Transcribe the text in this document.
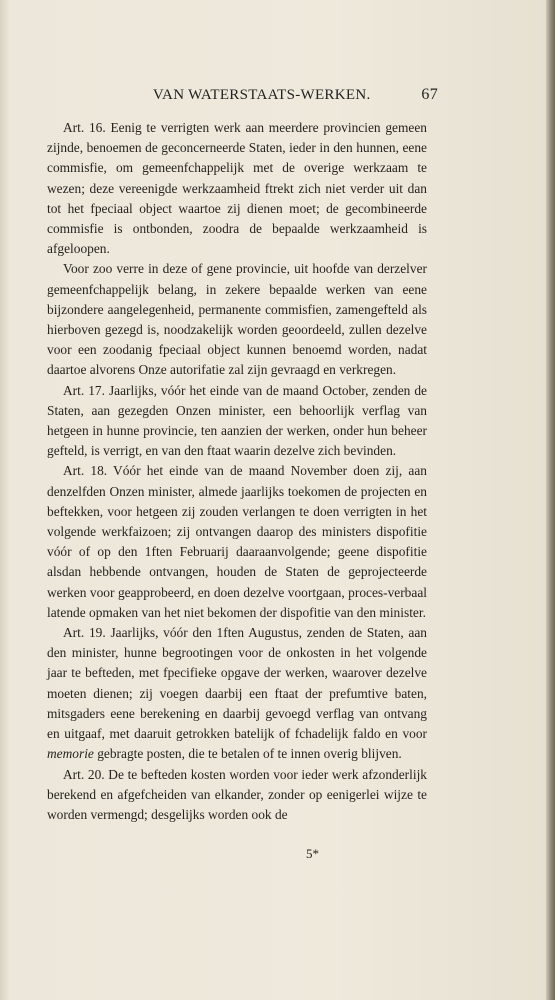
VAN WATERSTAATS-WERKEN.	67

Art. 16. Eenig te verrigten werk aan meerdere provincien gemeen zijnde, benoemen de geconcerneerde Staten, ieder in den hunnen, eene commisfie, om gemeenfchappelijk met de overige werkzaam te wezen; deze vereenigde werkzaamheid ftrekt zich niet verder uit dan tot het fpeciaal object waartoe zij dienen moet; de gecombineerde commisfie is ontbonden, zoodra de bepaalde werkzaamheid is afgeloopen.

Voor zoo verre in deze of gene provincie, uit hoofde van derzelver gemeenfchappelijk belang, in zekere bepaalde werken van eene bijzondere aangelegenheid, permanente commisfien, zamengefteld als hierboven gezegd is, noodzakelijk worden geoordeeld, zullen dezelve voor een zoodanig fpeciaal object kunnen benoemd worden, nadat daartoe alvorens Onze autorifatie zal zijn gevraagd en verkregen.

Art. 17. Jaarlijks, vóór het einde van de maand October, zenden de Staten, aan gezegden Onzen minister, een behoorlijk verflag van hetgeen in hunne provincie, ten aanzien der werken, onder hun beheer gefteld, is verrigt, en van den ftaat waarin dezelve zich bevinden.

Art. 18. Vóór het einde van de maand November doen zij, aan denzelfden Onzen minister, almede jaarlijks toekomen de projecten en beftekken, voor hetgeen zij zouden verlangen te doen verrigten in het volgende werkfaizoen; zij ontvangen daarop des ministers dispofitie vóór of op den 1ften Februarij daaraanvolgende; geene dispofitie alsdan hebbende ontvangen, houden de Staten de geprojecteerde werken voor geapprobeerd, en doen dezelve voortgaan, proces-verbaal latende opmaken van het niet bekomen der dispofitie van den minister.

Art. 19. Jaarlijks, vóór den 1ften Augustus, zenden de Staten, aan den minister, hunne begrootingen voor de onkosten in het volgende jaar te befteden, met fpecifieke opgave der werken, waarover dezelve moeten dienen; zij voegen daarbij een ftaat der prefumtive baten, mitsgaders eene berekening en daarbij gevoegd verflag van ontvang en uitgaaf, met daaruit getrokken batelijk of fchadelijk faldo en voor memorie gebragte posten, die te betalen of te innen overig blijven.

Art. 20. De te befteden kosten worden voor ieder werk afzonderlijk berekend en afgefcheiden van elkander, zonder op eenigerlei wijze te worden vermengd; desgelijks worden ook de

5*
